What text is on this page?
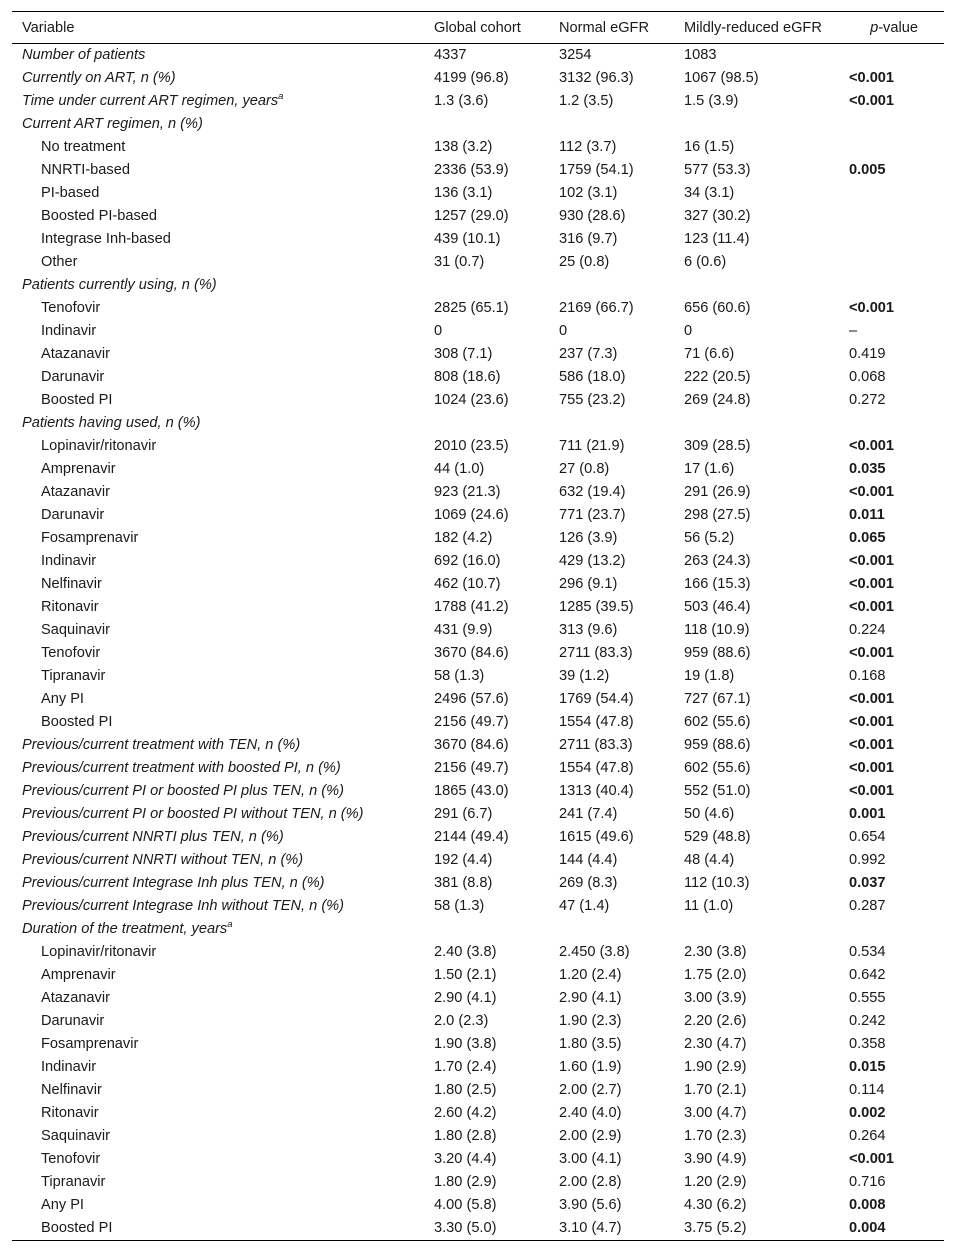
Variable	Global cohort	Normal eGFR	Mildly-reduced eGFR	p-value
Number of patients	4337	3254	1083	
Currently on ART, n (%)	4199 (96.8)	3132 (96.3)	1067 (98.5)	<0.001
Time under current ART regimen, years$^a$	1.3 (3.6)	1.2 (3.5)	1.5 (3.9)	<0.001
Current ART regimen, n (%)				
No treatment	138 (3.2)	112 (3.7)	16 (1.5)	
NNRTI-based	2336 (53.9)	1759 (54.1)	577 (53.3)	0.005
PI-based	136 (3.1)	102 (3.1)	34 (3.1)	
Boosted PI-based	1257 (29.0)	930 (28.6)	327 (30.2)	
Integrase Inh-based	439 (10.1)	316 (9.7)	123 (11.4)	
Other	31 (0.7)	25 (0.8)	6 (0.6)	
Patients currently using, n (%)				
Tenofovir	2825 (65.1)	2169 (66.7)	656 (60.6)	<0.001
Indinavir	0	0	0	–
Atazanavir	308 (7.1)	237 (7.3)	71 (6.6)	0.419
Darunavir	808 (18.6)	586 (18.0)	222 (20.5)	0.068
Boosted PI	1024 (23.6)	755 (23.2)	269 (24.8)	0.272
Patients having used, n (%)				
Lopinavir/ritonavir	2010 (23.5)	711 (21.9)	309 (28.5)	<0.001
Amprenavir	44 (1.0)	27 (0.8)	17 (1.6)	0.035
Atazanavir	923 (21.3)	632 (19.4)	291 (26.9)	<0.001
Darunavir	1069 (24.6)	771 (23.7)	298 (27.5)	0.011
Fosamprenavir	182 (4.2)	126 (3.9)	56 (5.2)	0.065
Indinavir	692 (16.0)	429 (13.2)	263 (24.3)	<0.001
Nelfinavir	462 (10.7)	296 (9.1)	166 (15.3)	<0.001
Ritonavir	1788 (41.2)	1285 (39.5)	503 (46.4)	<0.001
Saquinavir	431 (9.9)	313 (9.6)	118 (10.9)	0.224
Tenofovir	3670 (84.6)	2711 (83.3)	959 (88.6)	<0.001
Tipranavir	58 (1.3)	39 (1.2)	19 (1.8)	0.168
Any PI	2496 (57.6)	1769 (54.4)	727 (67.1)	<0.001
Boosted PI	2156 (49.7)	1554 (47.8)	602 (55.6)	<0.001
Previous/current treatment with TEN, n (%)	3670 (84.6)	2711 (83.3)	959 (88.6)	<0.001
Previous/current treatment with boosted PI, n (%)	2156 (49.7)	1554 (47.8)	602 (55.6)	<0.001
Previous/current PI or boosted PI plus TEN, n (%)	1865 (43.0)	1313 (40.4)	552 (51.0)	<0.001
Previous/current PI or boosted PI without TEN, n (%)	291 (6.7)	241 (7.4)	50 (4.6)	0.001
Previous/current NNRTI plus TEN, n (%)	2144 (49.4)	1615 (49.6)	529 (48.8)	0.654
Previous/current NNRTI without TEN, n (%)	192 (4.4)	144 (4.4)	48 (4.4)	0.992
Previous/current Integrase Inh plus TEN, n (%)	381 (8.8)	269 (8.3)	112 (10.3)	0.037
Previous/current Integrase Inh without TEN, n (%)	58 (1.3)	47 (1.4)	11 (1.0)	0.287
Duration of the treatment, years$^a$				
Lopinavir/ritonavir	2.40 (3.8)	2.450 (3.8)	2.30 (3.8)	0.534
Amprenavir	1.50 (2.1)	1.20 (2.4)	1.75 (2.0)	0.642
Atazanavir	2.90 (4.1)	2.90 (4.1)	3.00 (3.9)	0.555
Darunavir	2.0 (2.3)	1.90 (2.3)	2.20 (2.6)	0.242
Fosamprenavir	1.90 (3.8)	1.80 (3.5)	2.30 (4.7)	0.358
Indinavir	1.70 (2.4)	1.60 (1.9)	1.90 (2.9)	0.015
Nelfinavir	1.80 (2.5)	2.00 (2.7)	1.70 (2.1)	0.114
Ritonavir	2.60 (4.2)	2.40 (4.0)	3.00 (4.7)	0.002
Saquinavir	1.80 (2.8)	2.00 (2.9)	1.70 (2.3)	0.264
Tenofovir	3.20 (4.4)	3.00 (4.1)	3.90 (4.9)	<0.001
Tipranavir	1.80 (2.9)	2.00 (2.8)	1.20 (2.9)	0.716
Any PI	4.00 (5.8)	3.90 (5.6)	4.30 (6.2)	0.008
Boosted PI	3.30 (5.0)	3.10 (4.7)	3.75 (5.2)	0.004
